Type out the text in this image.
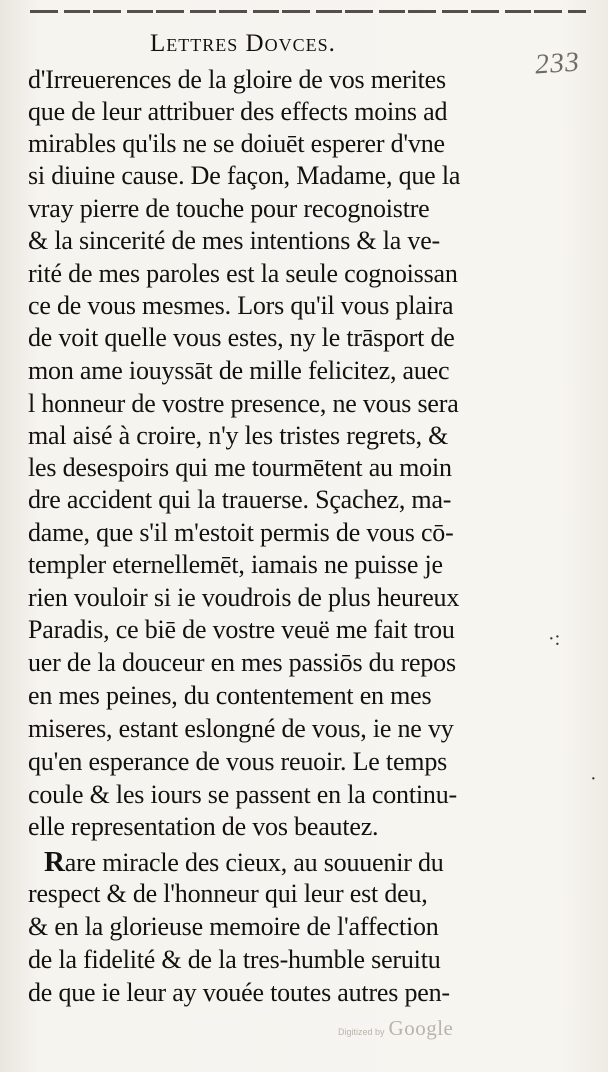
Lettres Dovces.
233
d'Irreuerences de la gloire de vos merites
que de leur attribuer des effects moins ad
mirables qu'ils ne se doiuēt esperer d'vne
si diuine cause. De façon, Madame, que la
vray pierre de touche pour recognoistre
& la sincerité de mes intentions & la ve-
rité de mes paroles est la seule cognoissan
ce de vous mesmes. Lors qu'il vous plaira
de voit quelle vous estes, ny le trāsport de
mon ame iouyssāt de mille felicitez, auec
l honneur de vostre presence, ne vous sera
mal aisé à croire, n'y les tristes regrets, &
les desespoirs qui me tourmētent au moin
dre accident qui la trauerse. Sçachez, ma-
dame, que s'il m'estoit permis de vous cō-
templer eternellemēt, iamais ne puisse je
rien vouloir si ie voudrois de plus heureux
Paradis, ce biē de vostre veuë me fait trou
uer de la douceur en mes passiōs du repos
en mes peines, du contentement en mes
miseres, estant eslongné de vous, ie ne vy
qu'en esperance de vous reuoir. Le temps
coule & les iours se passent en la continu-
elle representation de vos beautez.
Rare miracle des cieux, au souuenir du
respect & de l'honneur qui leur est deu,
& en la glorieuse memoire de l'affection
de la fidelité & de la tres-humble seruitu
de que ie leur ay vouée toutes autres pen-
·:
·
Digitized by Google
